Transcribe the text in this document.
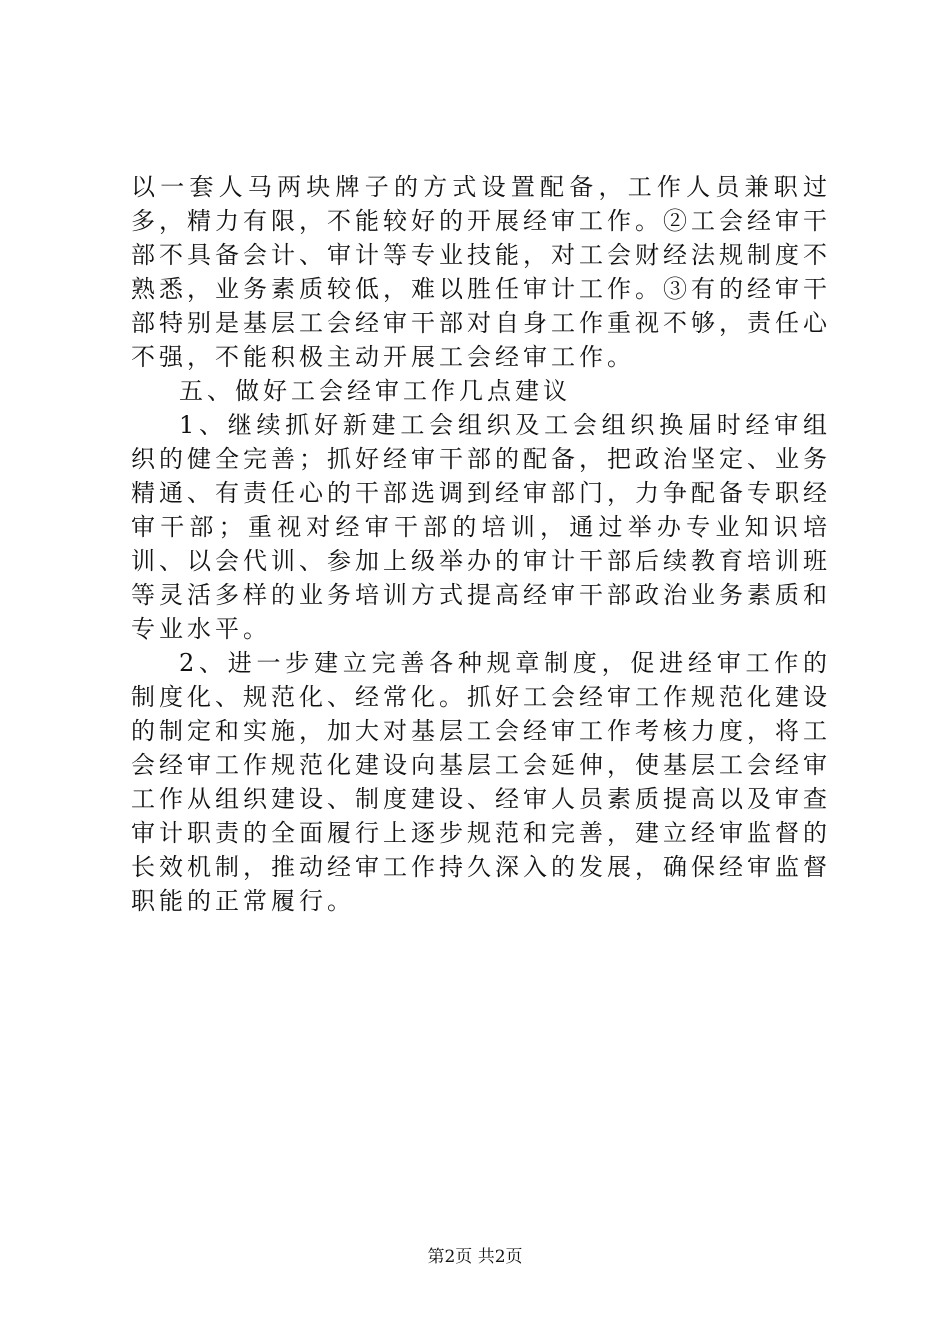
以一套人马两块牌子的方式设置配备，工作人员兼职过多，精力有限，不能较好的开展经审工作。②工会经审干部不具备会计、审计等专业技能，对工会财经法规制度不熟悉，业务素质较低，难以胜任审计工作。③有的经审干部特别是基层工会经审干部对自身工作重视不够，责任心不强，不能积极主动开展工会经审工作。

五、做好工会经审工作几点建议

1、继续抓好新建工会组织及工会组织换届时经审组织的健全完善；抓好经审干部的配备，把政治坚定、业务精通、有责任心的干部选调到经审部门，力争配备专职经审干部；重视对经审干部的培训，通过举办专业知识培训、以会代训、参加上级举办的审计干部后续教育培训班等灵活多样的业务培训方式提高经审干部政治业务素质和专业水平。

2、进一步建立完善各种规章制度，促进经审工作的制度化、规范化、经常化。抓好工会经审工作规范化建设的制定和实施，加大对基层工会经审工作考核力度，将工会经审工作规范化建设向基层工会延伸，使基层工会经审工作从组织建设、制度建设、经审人员素质提高以及审查审计职责的全面履行上逐步规范和完善，建立经审监督的长效机制，推动经审工作持久深入的发展，确保经审监督职能的正常履行。

第2页 共2页
